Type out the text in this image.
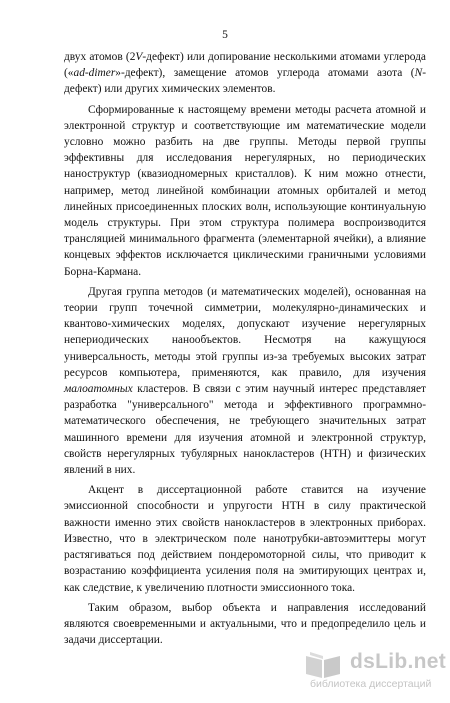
5

двух атомов (2V-дефект) или допирование несколькими атомами углерода («ad-dimer»-дефект), замещение атомов углерода атомами азота (N-дефект) или других химических элементов.

Сформированные к настоящему времени методы расчета атомной и электронной структур и соответствующие им математические модели условно можно разбить на две группы. Методы первой группы эффективны для исследования нерегулярных, но периодических наноструктур (квазиодномерных кристаллов). К ним можно отнести, например, метод линейной комбинации атомных орбиталей и метод линейных присоединенных плоских волн, использующие континуальную модель структуры. При этом структура полимера воспроизводится трансляцией минимального фрагмента (элементарной ячейки), а влияние концевых эффектов исключается циклическими граничными условиями Борна-Кармана.

Другая группа методов (и математических моделей), основанная на теории групп точечной симметрии, молекулярно-динамических и квантово-химических моделях, допускают изучение нерегулярных непериодических нанообъектов. Несмотря на кажущуюся универсальность, методы этой группы из-за требуемых высоких затрат ресурсов компьютера, применяются, как правило, для изучения малоатомных кластеров. В связи с этим научный интерес представляет разработка "универсального" метода и эффективного программно-математического обеспечения, не требующего значительных затрат машинного времени для изучения атомной и электронной структур, свойств нерегулярных тубулярных нанокластеров (НТН) и физических явлений в них.

Акцент в диссертационной работе ставится на изучение эмиссионной способности и упругости НТН в силу практической важности именно этих свойств нанокластеров в электронных приборах. Известно, что в электрическом поле нанотрубки-автоэмиттеры могут растягиваться под действием пондеромоторной силы, что приводит к возрастанию коэффициента усиления поля на эмитирующих центрах и, как следствие, к увеличению плотности эмиссионного тока.

Таким образом, выбор объекта и направления исследований являются своевременными и актуальными, что и предопределило цель и задачи диссертации.

dsLib.net
библиотека диссертаций
